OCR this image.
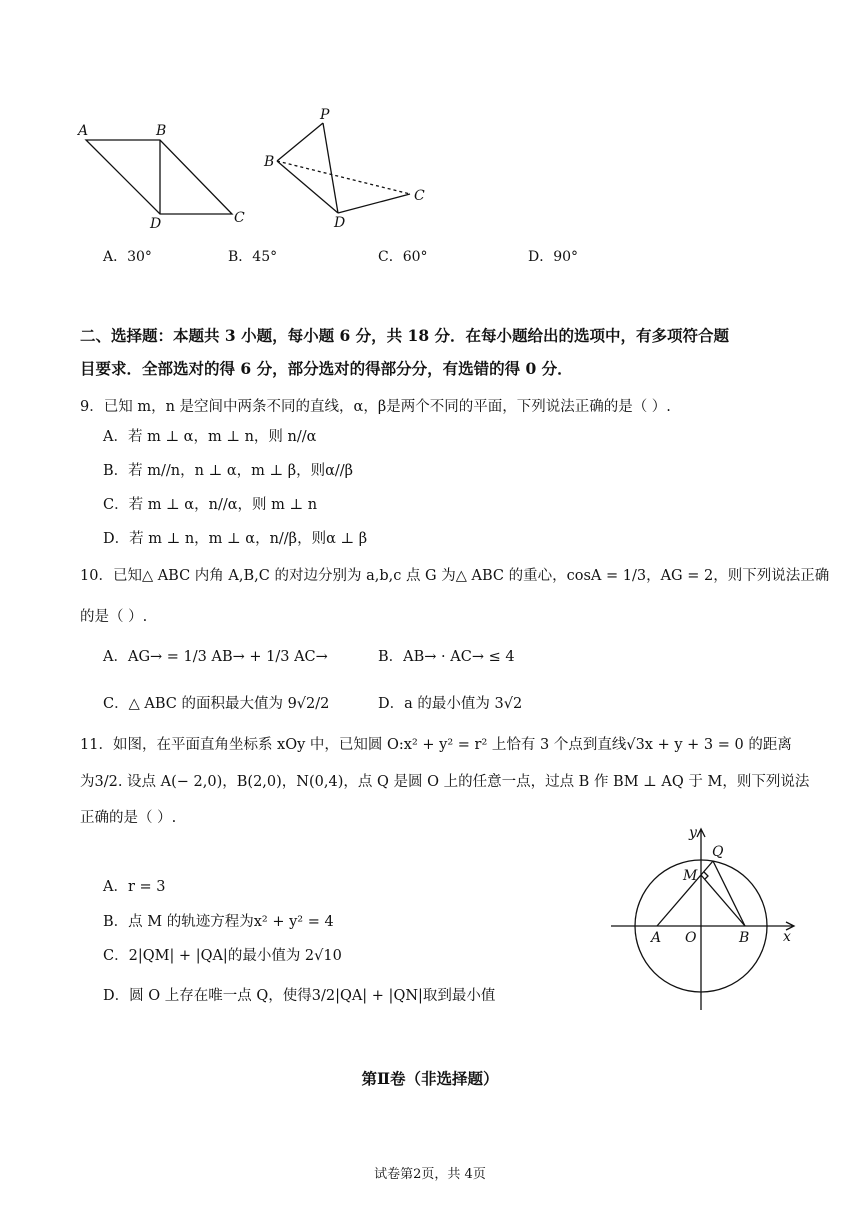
A	B
C
D
P
B
C
D
A．30°	B．45°	C．60°	D．90°
二、选择题：本题共 3 小题，每小题 6 分，共 18 分．在每小题给出的选项中，有多项符合题
目要求．全部选对的得 6 分，部分选对的得部分分，有选错的得 0 分．
9．已知 m，n 是空间中两条不同的直线，α，β是两个不同的平面，下列说法正确的是（ ）.
A．若 m ⊥ α，m ⊥ n，则 n//α
B．若 m//n，n ⊥ α，m ⊥ β，则α//β
C．若 m ⊥ α，n//α，则 m ⊥ n
D．若 m ⊥ n，m ⊥ α，n//β，则α ⊥ β
10．已知△ ABC 内角 A,B,C 的对边分别为 a,b,c 点 G 为△ ABC 的重心，cosA = 1/3，AG = 2，则下列说法正确
的是（ ）.
A．AG→ = 1/3 AB→ + 1/3 AC→	B．AB→ · AC→ ≤ 4
C．△ ABC 的面积最大值为 9√2/2	D．a 的最小值为 3√2
11．如图，在平面直角坐标系 xOy 中，已知圆 O:x² + y² = r² 上恰有 3 个点到直线√3x + y + 3 = 0 的距离
为3/2. 设点 A(− 2,0)，B(2,0)，N(0,4)，点 Q 是圆 O 上的任意一点，过点 B 作 BM ⊥ AQ 于 M，则下列说法
正确的是（ ）.
A．r = 3
B．点 M 的轨迹方程为x² + y² = 4
C．2|QM| + |QA|的最小值为 2√10
D．圆 O 上存在唯一点 Q，使得3/2|QA| + |QN|取到最小值
y
x
Q
M
A O	B
第Ⅱ卷（非选择题）
试卷第2页，共 4页
